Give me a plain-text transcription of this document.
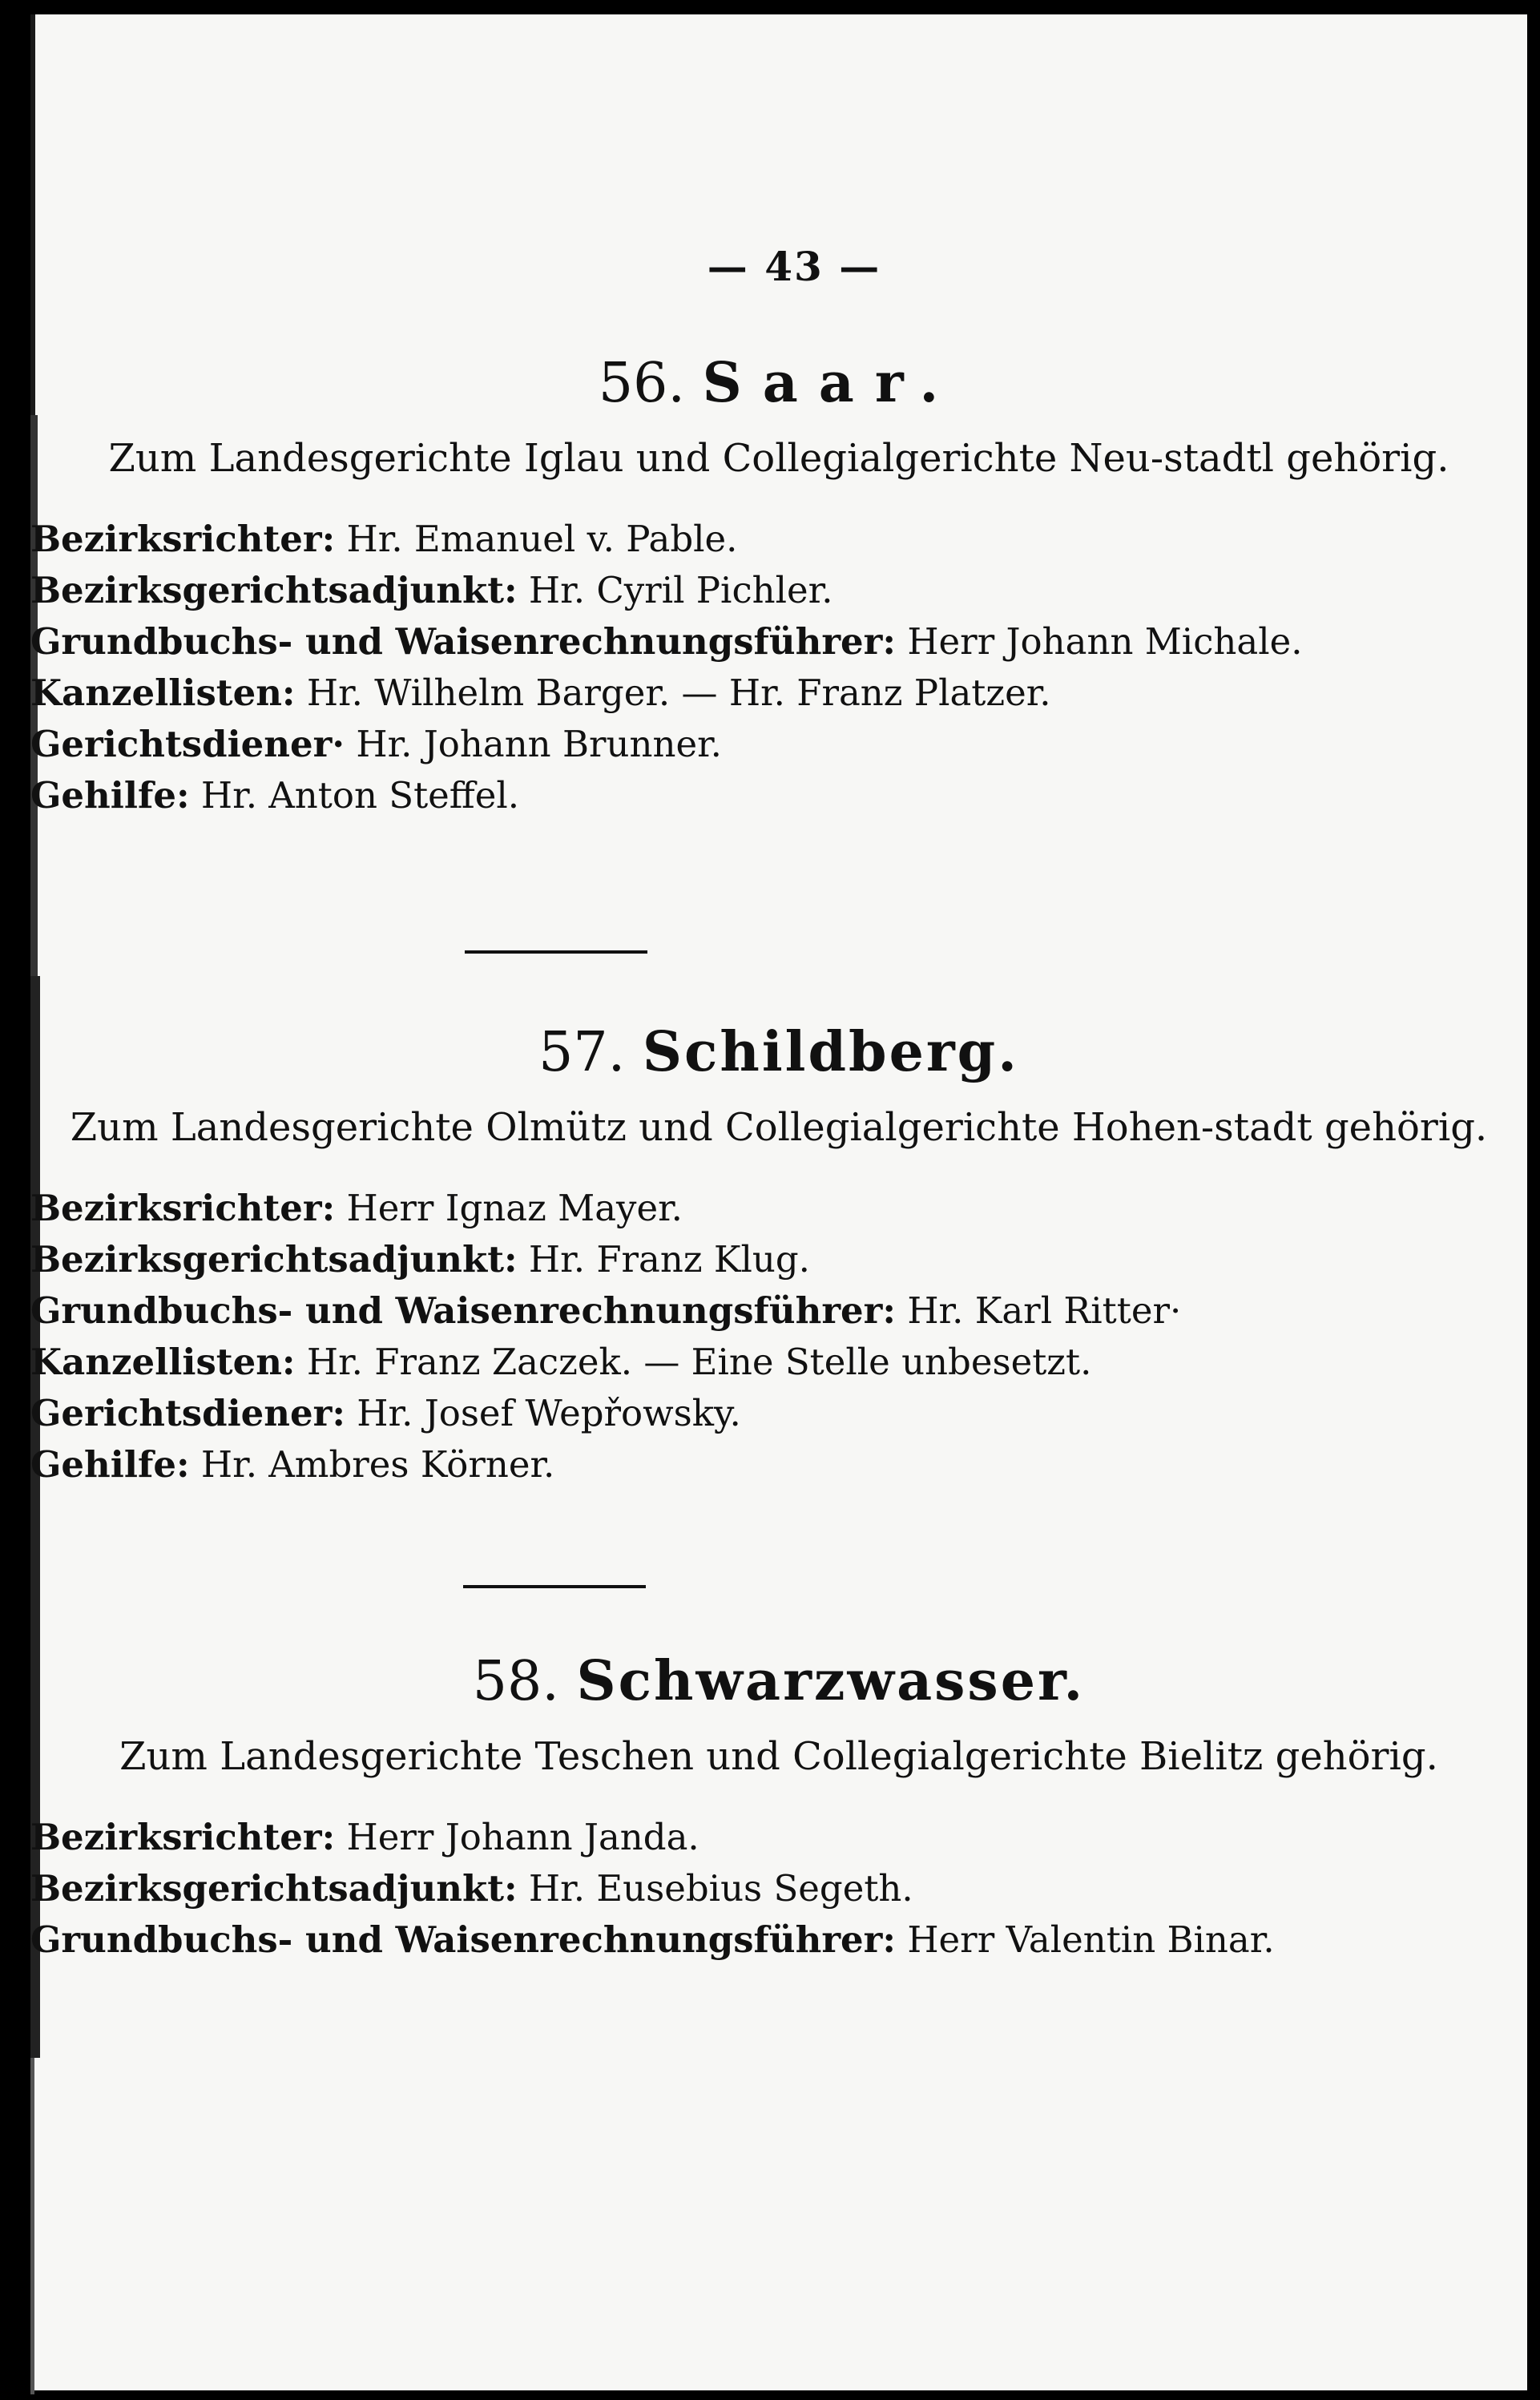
— 43 —
56. Saar.
Zum Landesgerichte Iglau und Collegialgerichte Neu-stadtl gehörig.
Bezirksrichter: Hr. Emanuel v. Pable.
Bezirksgerichtsadjunkt: Hr. Cyril Pichler.
Grundbuchs- und Waisenrechnungsführer: Herr Johann Michale.
Kanzellisten: Hr. Wilhelm Barger. — Hr. Franz Platzer.
Gerichtsdiener· Hr. Johann Brunner.
Gehilfe: Hr. Anton Steffel.
57. Schildberg.
Zum Landesgerichte Olmütz und Collegialgerichte Hohen-stadt gehörig.
Bezirksrichter: Herr Ignaz Mayer.
Bezirksgerichtsadjunkt: Hr. Franz Klug.
Grundbuchs- und Waisenrechnungsführer: Hr. Karl Ritter·
Kanzellisten: Hr. Franz Zaczek. — Eine Stelle unbesetzt.
Gerichtsdiener: Hr. Josef Wepřowsky.
Gehilfe: Hr. Ambres Körner.
58. Schwarzwasser.
Zum Landesgerichte Teschen und Collegialgerichte Bielitz gehörig.
Bezirksrichter: Herr Johann Janda.
Bezirksgerichtsadjunkt: Hr. Eusebius Segeth.
Grundbuchs- und Waisenrechnungsführer: Herr Valentin Binar.
